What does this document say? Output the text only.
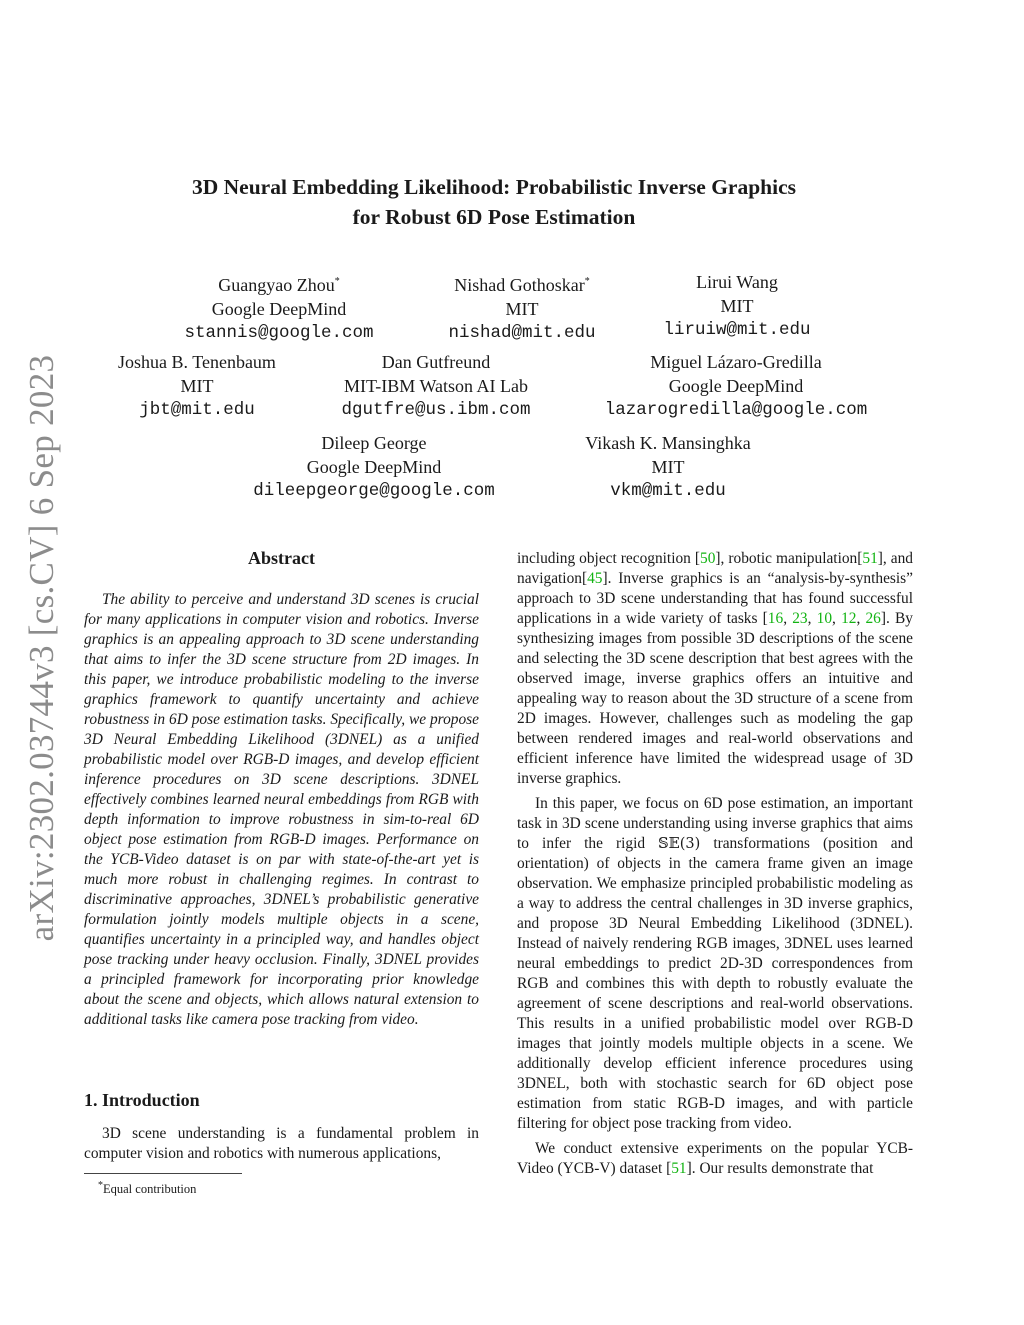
arXiv:2302.03744v3 [cs.CV] 6 Sep 2023
3D Neural Embedding Likelihood: Probabilistic Inverse Graphics
for Robust 6D Pose Estimation
Guangyao Zhou*
Google DeepMind
stannis@google.com
Nishad Gothoskar*
MIT
nishad@mit.edu
Lirui Wang
MIT
liruiw@mit.edu
Joshua B. Tenenbaum
MIT
jbt@mit.edu
Dan Gutfreund
MIT-IBM Watson AI Lab
dgutfre@us.ibm.com
Miguel Lázaro-Gredilla
Google DeepMind
lazarogredilla@google.com
Dileep George
Google DeepMind
dileepgeorge@google.com
Vikash K. Mansinghka
MIT
vkm@mit.edu
Abstract

The ability to perceive and understand 3D scenes is crucial for many applications in computer vision and robotics. Inverse graphics is an appealing approach to 3D scene understanding that aims to infer the 3D scene structure from 2D images. In this paper, we introduce probabilistic modeling to the inverse graphics framework to quantify uncertainty and achieve robustness in 6D pose estimation tasks. Specifically, we propose 3D Neural Embedding Likelihood (3DNEL) as a unified probabilistic model over RGB-D images, and develop efficient inference procedures on 3D scene descriptions. 3DNEL effectively combines learned neural embeddings from RGB with depth information to improve robustness in sim-to-real 6D object pose estimation from RGB-D images. Performance on the YCB-Video dataset is on par with state-of-the-art yet is much more robust in challenging regimes. In contrast to discriminative approaches, 3DNEL’s probabilistic generative formulation jointly models multiple objects in a scene, quantifies uncertainty in a principled way, and handles object pose tracking under heavy occlusion. Finally, 3DNEL provides a principled framework for incorporating prior knowledge about the scene and objects, which allows natural extension to additional tasks like camera pose tracking from video.

1. Introduction

3D scene understanding is a fundamental problem in computer vision and robotics with numerous applications,

*Equal contribution

including object recognition [50], robotic manipulation[51], and navigation[45]. Inverse graphics is an “analysis-by-synthesis” approach to 3D scene understanding that has found successful applications in a wide variety of tasks [16, 23, 10, 12, 26]. By synthesizing images from possible 3D descriptions of the scene and selecting the 3D scene description that best agrees with the observed image, inverse graphics offers an intuitive and appealing way to reason about the 3D structure of a scene from 2D images. However, challenges such as modeling the gap between rendered images and real-world observations and efficient inference have limited the widespread usage of 3D inverse graphics.

In this paper, we focus on 6D pose estimation, an important task in 3D scene understanding using inverse graphics that aims to infer the rigid 𝕊𝔼(3) transformations (position and orientation) of objects in the camera frame given an image observation. We emphasize principled probabilistic modeling as a way to address the central challenges in 3D inverse graphics, and propose 3D Neural Embedding Likelihood (3DNEL). Instead of naively rendering RGB images, 3DNEL uses learned neural embeddings to predict 2D-3D correspondences from RGB and combines this with depth to robustly evaluate the agreement of scene descriptions and real-world observations. This results in a unified probabilistic model over RGB-D images that jointly models multiple objects in a scene. We additionally develop efficient inference procedures using 3DNEL, both with stochastic search for 6D object pose estimation from static RGB-D images, and with particle filtering for object pose tracking from video.

We conduct extensive experiments on the popular YCB-Video (YCB-V) dataset [51]. Our results demonstrate that
